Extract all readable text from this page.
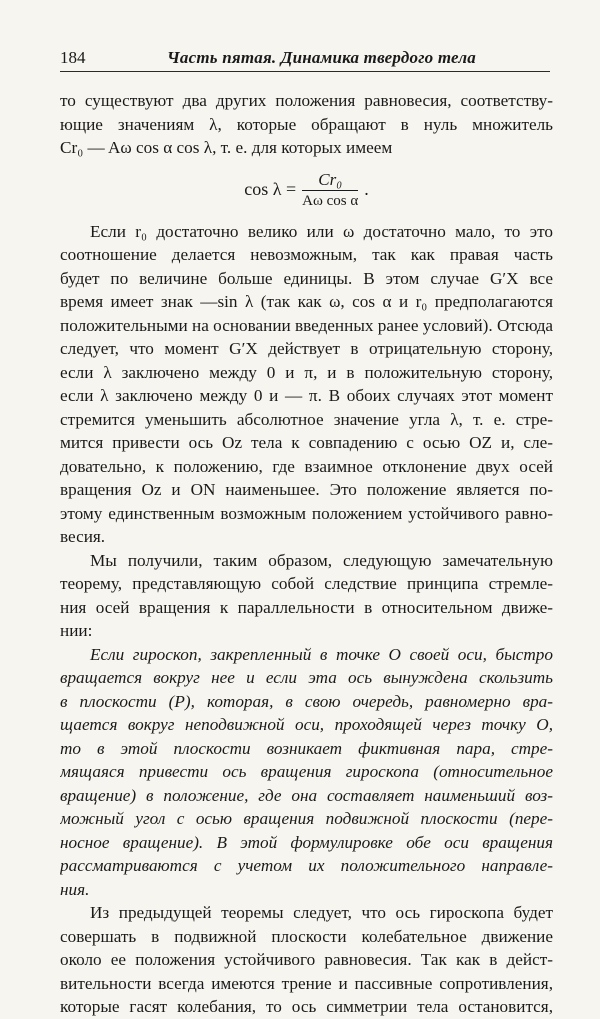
184	Часть пятая. Динамика твердого тела
то существуют два других положения равновесия, соответству-
ющие значениям λ, которые обращают в нуль множитель
Cr₀ — Aω cos α cos λ, т. е. для которых имеем
$\cos \lambda = \frac{\text{Cr₀}}{\text{Aω cos α}}$ .
Если r₀ достаточно велико или ω достаточно мало, то это
соотношение делается невозможным, так как правая часть
будет по величине больше единицы. В этом случае G′X все
время имеет знак —sin λ (так как ω, cos α и r₀ предполагаются
положительными на основании введенных ранее условий). Отсюда
следует, что момент G′X действует в отрицательную сторону,
если λ заключено между 0 и π, и в положительную сторону,
если λ заключено между 0 и — π. В обоих случаях этот момент
стремится уменьшить абсолютное значение угла λ, т. е. стре-
мится привести ось Oz тела к совпадению с осью OZ и, сле-
довательно, к положению, где взаимное отклонение двух осей
вращения Oz и ON наименьшее. Это положение является по-
этому единственным возможным положением устойчивого равно-
весия.
Мы получили, таким образом, следующую замечательную
теорему, представляющую собой следствие принципа стремле-
ния осей вращения к параллельности в относительном движе-
нии:
Если гироскоп, закрепленный в точке O своей оси, быстро
вращается вокруг нее и если эта ось вынуждена скользить
в плоскости (P), которая, в свою очередь, равномерно вра-
щается вокруг неподвижной оси, проходящей через точку O,
то в этой плоскости возникает фиктивная пара, стре-
мящаяся привести ось вращения гироскопа (относительное
вращение) в положение, где она составляет наименьший воз-
можный угол с осью вращения подвижной плоскости (пере-
носное вращение). В этой формулировке обе оси вращения
рассматриваются с учетом их положительного направле-
ния.
Из предыдущей теоремы следует, что ось гироскопа будет
совершать в подвижной плоскости колебательное движение
около ее положения устойчивого равновесия. Так как в дейст-
вительности всегда имеются трение и пассивные сопротивления,
которые гасят колебания, то ось симметрии тела остановится,
